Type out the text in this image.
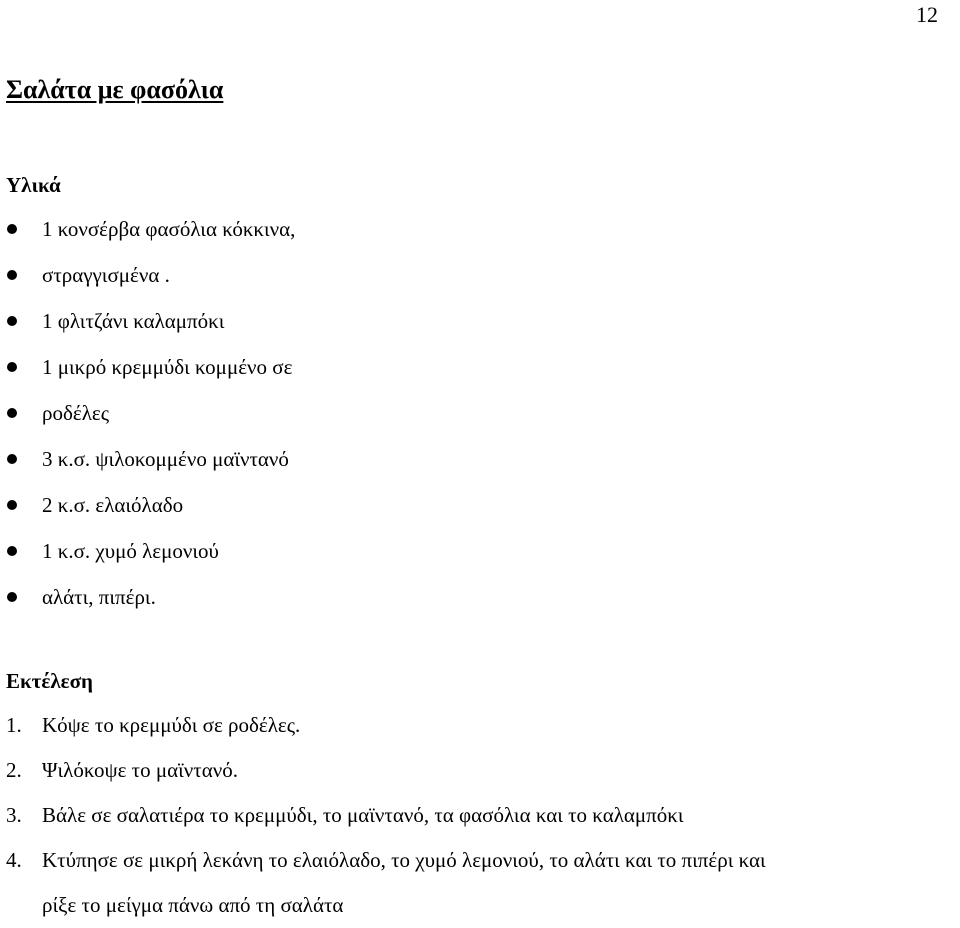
12
Σαλάτα με φασόλια
Υλικά
1 κονσέρβα φασόλια κόκκινα,
στραγγισμένα .
1 φλιτζάνι καλαμπόκι
1 μικρό κρεμμύδι κομμένο σε
ροδέλες
3 κ.σ. ψιλοκομμένο μαϊντανό
2 κ.σ. ελαιόλαδο
1 κ.σ. χυμό λεμονιού
αλάτι, πιπέρι.
Εκτέλεση
1. Κόψε το κρεμμύδι σε ροδέλες.
2. Ψιλόκοψε το μαϊντανό.
3. Βάλε σε σαλατιέρα το κρεμμύδι, το μαϊντανό, τα φασόλια και το καλαμπόκι
4. Κτύπησε σε μικρή λεκάνη το ελαιόλαδο, το χυμό λεμονιού, το αλάτι και το πιπέρι και
ρίξε το μείγμα πάνω από τη σαλάτα
